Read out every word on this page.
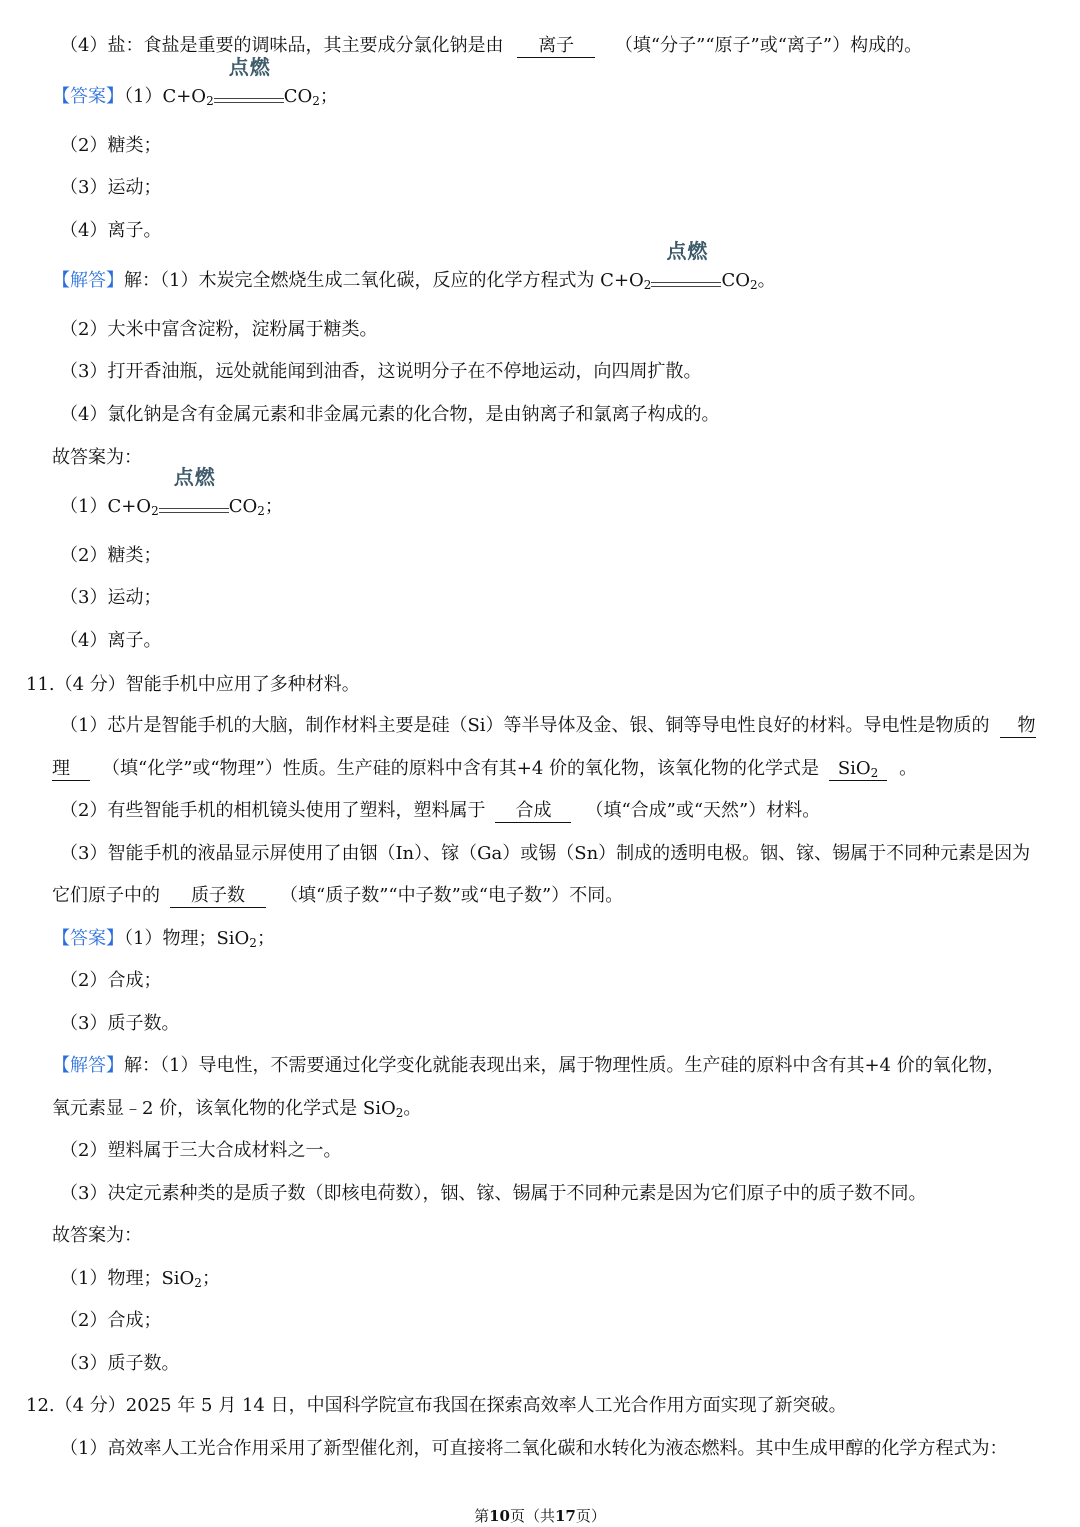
（4）盐：食盐是重要的调味品，其主要成分氯化钠是由 离子 （填“分子”“原子”或“离子”）构成的。
【答案】$(1)C+O_2$
点燃
$CO_2$；
（2）糖类；
（3）运动；
（4）离子。
【解答】解：（1）木炭完全燃烧生成二氧化碳，反应的化学方程式为 $C+O_2$
点燃
$CO_2$。
（2）大米中富含淀粉，淀粉属于糖类。
（3）打开香油瓶，远处就能闻到油香，这说明分子在不停地运动，向四周扩散。
（4）氯化钠是含有金属元素和非金属元素的化合物，是由钠离子和氯离子构成的。
故答案为：
$(1)C+O_2$
点燃
$CO_2$；
（2）糖类；
（3）运动；
（4）离子。
11.（4 分）智能手机中应用了多种材料。
（1）芯片是智能手机的大脑，制作材料主要是硅（Si）等半导体及金、银、铜等导电性良好的材料。导电性是物质的 物
理 （填“化学”或“物理”）性质。生产硅的原料中含有其+4 价的氧化物，该氧化物的化学式是 SiO$_2$ 。
（2）有些智能手机的相机镜头使用了塑料，塑料属于 合成 （填“合成”或“天然”）材料。
（3）智能手机的液晶显示屏使用了由铟（In）、镓（Ga）或锡（Sn）制成的透明电极。铟、镓、锡属于不同种元素是因为
它们原子中的 质子数 （填“质子数”“中子数”或“电子数”）不同。
【答案】（1）物理；SiO$_2$；
（2）合成；
（3）质子数。
【解答】解：（1）导电性，不需要通过化学变化就能表现出来，属于物理性质。生产硅的原料中含有其+4 价的氧化物，
氧元素显﹣2 价，该氧化物的化学式是 SiO$_2$。
（2）塑料属于三大合成材料之一。
（3）决定元素种类的是质子数（即核电荷数），铟、镓、锡属于不同种元素是因为它们原子中的质子数不同。
故答案为：
（1）物理；SiO$_2$；
（2）合成；
（3）质子数。
12.（4 分）2025 年 5 月 14 日，中国科学院宣布我国在探索高效率人工光合作用方面实现了新突破。
（1）高效率人工光合作用采用了新型催化剂，可直接将二氧化碳和水转化为液态燃料。其中生成甲醇的化学方程式为：
第10页（共17页）
